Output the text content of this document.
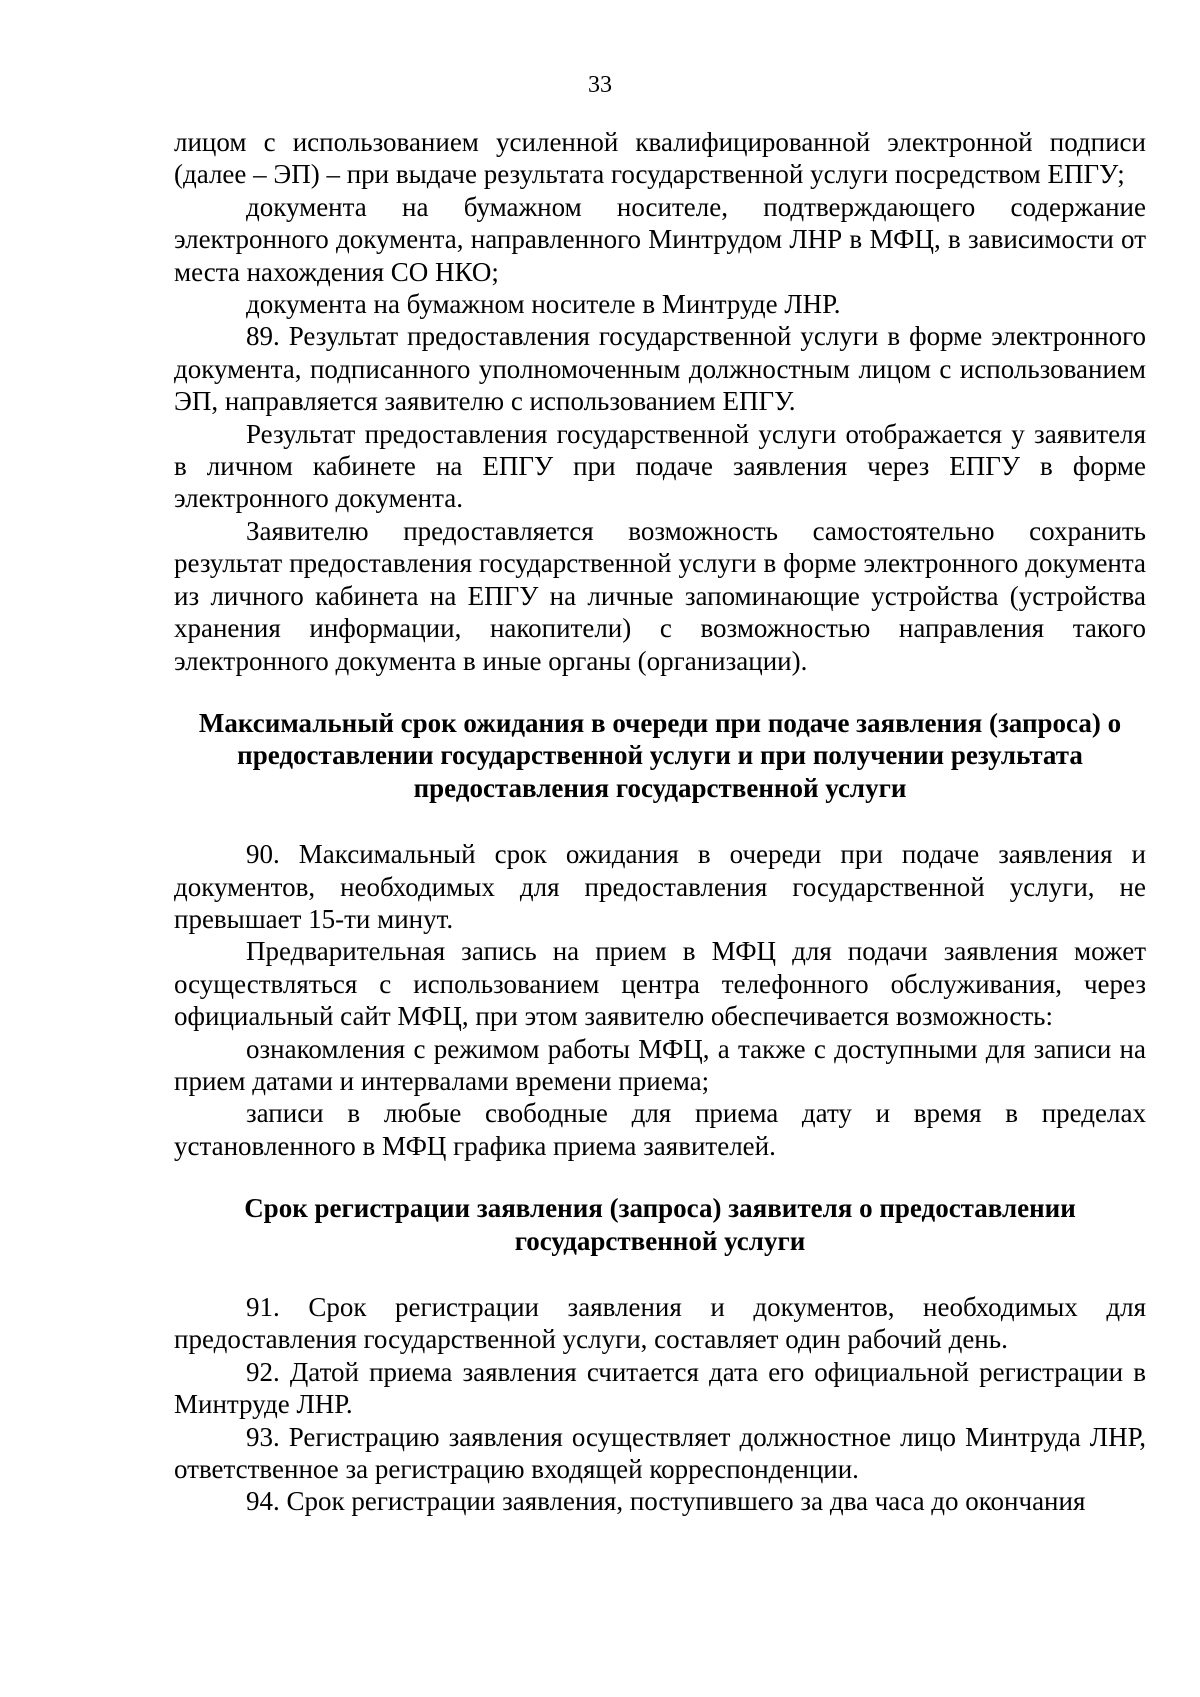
33

лицом с использованием усиленной квалифицированной электронной подписи (далее – ЭП) – при выдаче результата государственной услуги посредством ЕПГУ;

документа на бумажном носителе, подтверждающего содержание электронного документа, направленного Минтрудом ЛНР в МФЦ, в зависимости от места нахождения СО НКО;

документа на бумажном носителе в Минтруде ЛНР.

89. Результат предоставления государственной услуги в форме электронного документа, подписанного уполномоченным должностным лицом с использованием ЭП, направляется заявителю с использованием ЕПГУ.

Результат предоставления государственной услуги отображается у заявителя в личном кабинете на ЕПГУ при подаче заявления через ЕПГУ в форме электронного документа.

Заявителю предоставляется возможность самостоятельно сохранить результат предоставления государственной услуги в форме электронного документа из личного кабинета на ЕПГУ на личные запоминающие устройства (устройства хранения информации, накопители) с возможностью направления такого электронного документа в иные органы (организации).

Максимальный срок ожидания в очереди при подаче заявления (запроса) о предоставлении государственной услуги и при получении результата предоставления государственной услуги

90. Максимальный срок ожидания в очереди при подаче заявления и документов, необходимых для предоставления государственной услуги, не превышает 15-ти минут.

Предварительная запись на прием в МФЦ для подачи заявления может осуществляться с использованием центра телефонного обслуживания, через официальный сайт МФЦ, при этом заявителю обеспечивается возможность:

ознакомления с режимом работы МФЦ, а также с доступными для записи на прием датами и интервалами времени приема;

записи в любые свободные для приема дату и время в пределах установленного в МФЦ графика приема заявителей.

Срок регистрации заявления (запроса) заявителя о предоставлении государственной услуги

91. Срок регистрации заявления и документов, необходимых для предоставления государственной услуги, составляет один рабочий день.

92. Датой приема заявления считается дата его официальной регистрации в Минтруде ЛНР.

93. Регистрацию заявления осуществляет должностное лицо Минтруда ЛНР, ответственное за регистрацию входящей корреспонденции.

94. Срок регистрации заявления, поступившего за два часа до окончания
